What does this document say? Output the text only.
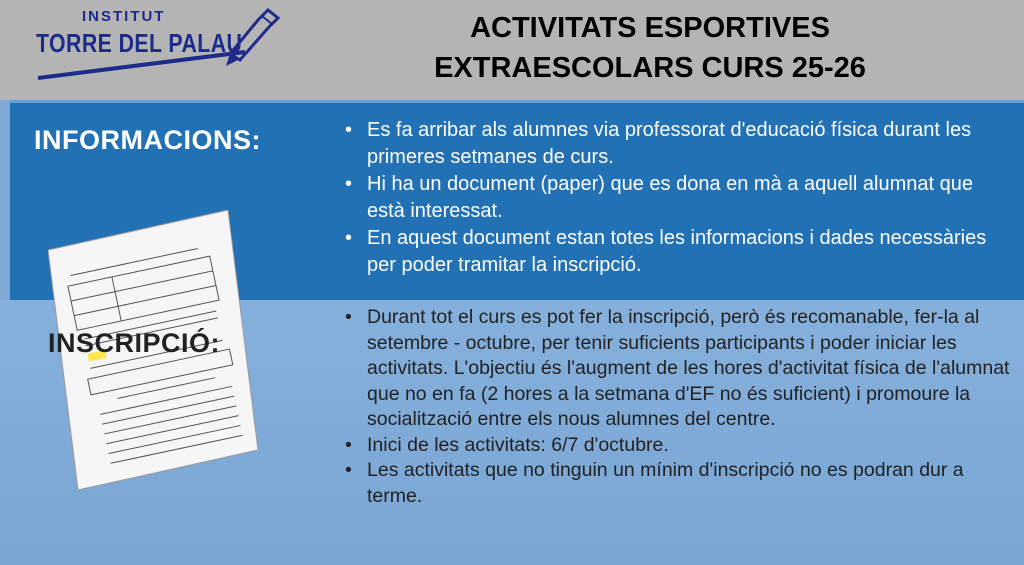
INSTITUT
TORRE DEL PALAU	ACTIVITATS ESPORTIVES
EXTRAESCOLARS CURS 25-26
INFORMACIONS:
•	Es fa arribar als alumnes via professorat d'educació física durant les primeres setmanes de curs.
• Hi ha un document (paper) que es dona en mà a aquell alumnat que està interessat.
• En aquest document estan totes les informacions i dades necessàries per poder tramitar la inscripció.
INSCRIPCIÓ:
• Durant tot el curs es pot fer la inscripció, però és recomanable, fer-la al setembre - octubre, per tenir suficients participants i poder iniciar les activitats. L'objectiu és l'augment de les hores d'activitat física de l'alumnat que no en fa (2 hores a la setmana d'EF no és suficient) i promoure la socialització entre els nous alumnes del centre.
• Inici de les activitats: 6/7 d'octubre.
• Les activitats que no tinguin un mínim d'inscripció no es podran dur a terme.
